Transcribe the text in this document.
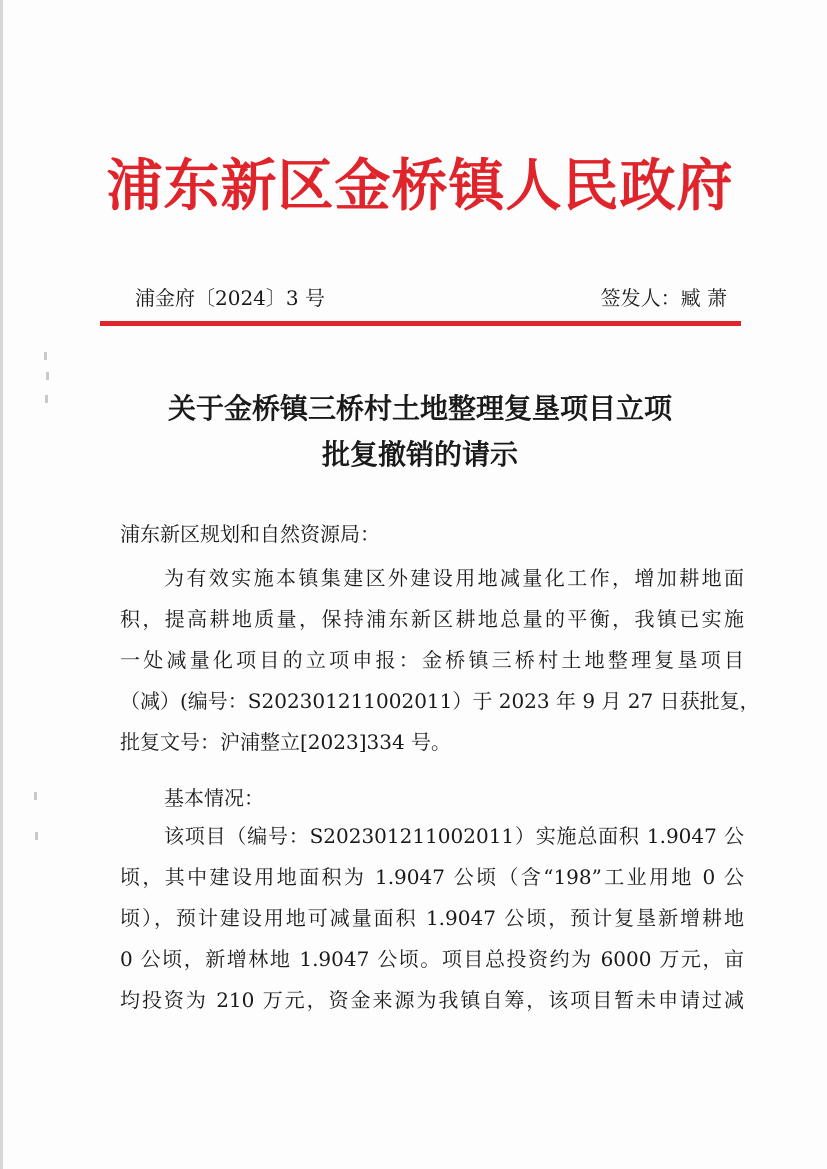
浦东新区金桥镇人民政府
浦金府〔2024〕3 号	签发人：臧 萧
关于金桥镇三桥村土地整理复垦项目立项
批复撤销的请示
浦东新区规划和自然资源局：
为有效实施本镇集建区外建设用地减量化工作，增加耕地面
积，提高耕地质量，保持浦东新区耕地总量的平衡，我镇已实施
一处减量化项目的立项申报：金桥镇三桥村土地整理复垦项目
（减）(编号：S202301211002011）于 2023 年 9 月 27 日获批复，
批复文号：沪浦整立[2023]334 号。
基本情况：
该项目（编号：S202301211002011）实施总面积 1.9047 公
顷，其中建设用地面积为 1.9047 公顷（含“198”工业用地 0 公
顷），预计建设用地可减量面积 1.9047 公顷，预计复垦新增耕地
0 公顷，新增林地 1.9047 公顷。项目总投资约为 6000 万元，亩
均投资为 210 万元，资金来源为我镇自筹，该项目暂未申请过减
